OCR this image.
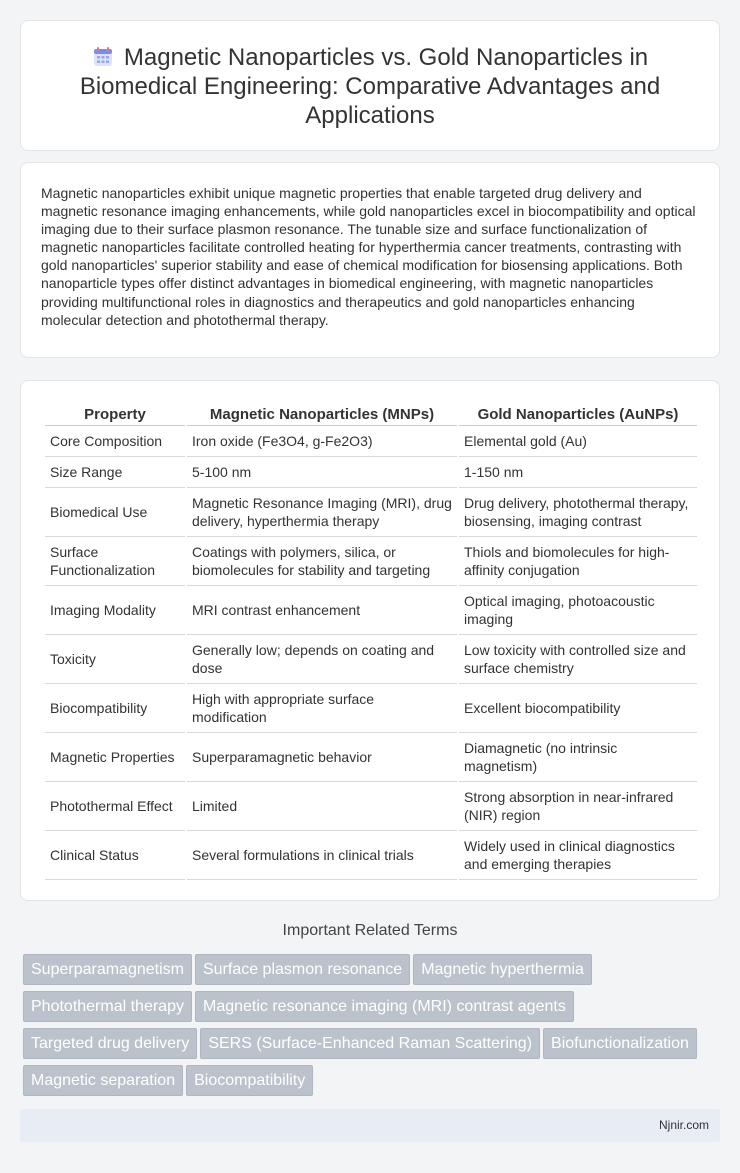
Magnetic Nanoparticles vs. Gold Nanoparticles in Biomedical Engineering: Comparative Advantages and Applications

Magnetic nanoparticles exhibit unique magnetic properties that enable targeted drug delivery and magnetic resonance imaging enhancements, while gold nanoparticles excel in biocompatibility and optical imaging due to their surface plasmon resonance. The tunable size and surface functionalization of magnetic nanoparticles facilitate controlled heating for hyperthermia cancer treatments, contrasting with gold nanoparticles' superior stability and ease of chemical modification for biosensing applications. Both nanoparticle types offer distinct advantages in biomedical engineering, with magnetic nanoparticles providing multifunctional roles in diagnostics and therapeutics and gold nanoparticles enhancing molecular detection and photothermal therapy.

Property	Magnetic Nanoparticles (MNPs)	Gold Nanoparticles (AuNPs)
Core Composition	Iron oxide (Fe3O4, g-Fe2O3)	Elemental gold (Au)
Size Range	5-100 nm	1-150 nm
Biomedical Use	Magnetic Resonance Imaging (MRI), drug delivery, hyperthermia therapy	Drug delivery, photothermal therapy, biosensing, imaging contrast
Surface Functionalization	Coatings with polymers, silica, or biomolecules for stability and targeting	Thiols and biomolecules for high-affinity conjugation
Imaging Modality	MRI contrast enhancement	Optical imaging, photoacoustic imaging
Toxicity	Generally low; depends on coating and dose	Low toxicity with controlled size and surface chemistry
Biocompatibility	High with appropriate surface modification	Excellent biocompatibility
Magnetic Properties	Superparamagnetic behavior	Diamagnetic (no intrinsic magnetism)
Photothermal Effect	Limited	Strong absorption in near-infrared (NIR) region
Clinical Status	Several formulations in clinical trials	Widely used in clinical diagnostics and emerging therapies
Important Related Terms
Superparamagnetism Surface plasmon resonance Magnetic hyperthermia
Photothermal therapy Magnetic resonance imaging (MRI) contrast agents
Targeted drug delivery SERS (Surface-Enhanced Raman Scattering) Biofunctionalization
Magnetic separation Biocompatibility
Njnir.com
